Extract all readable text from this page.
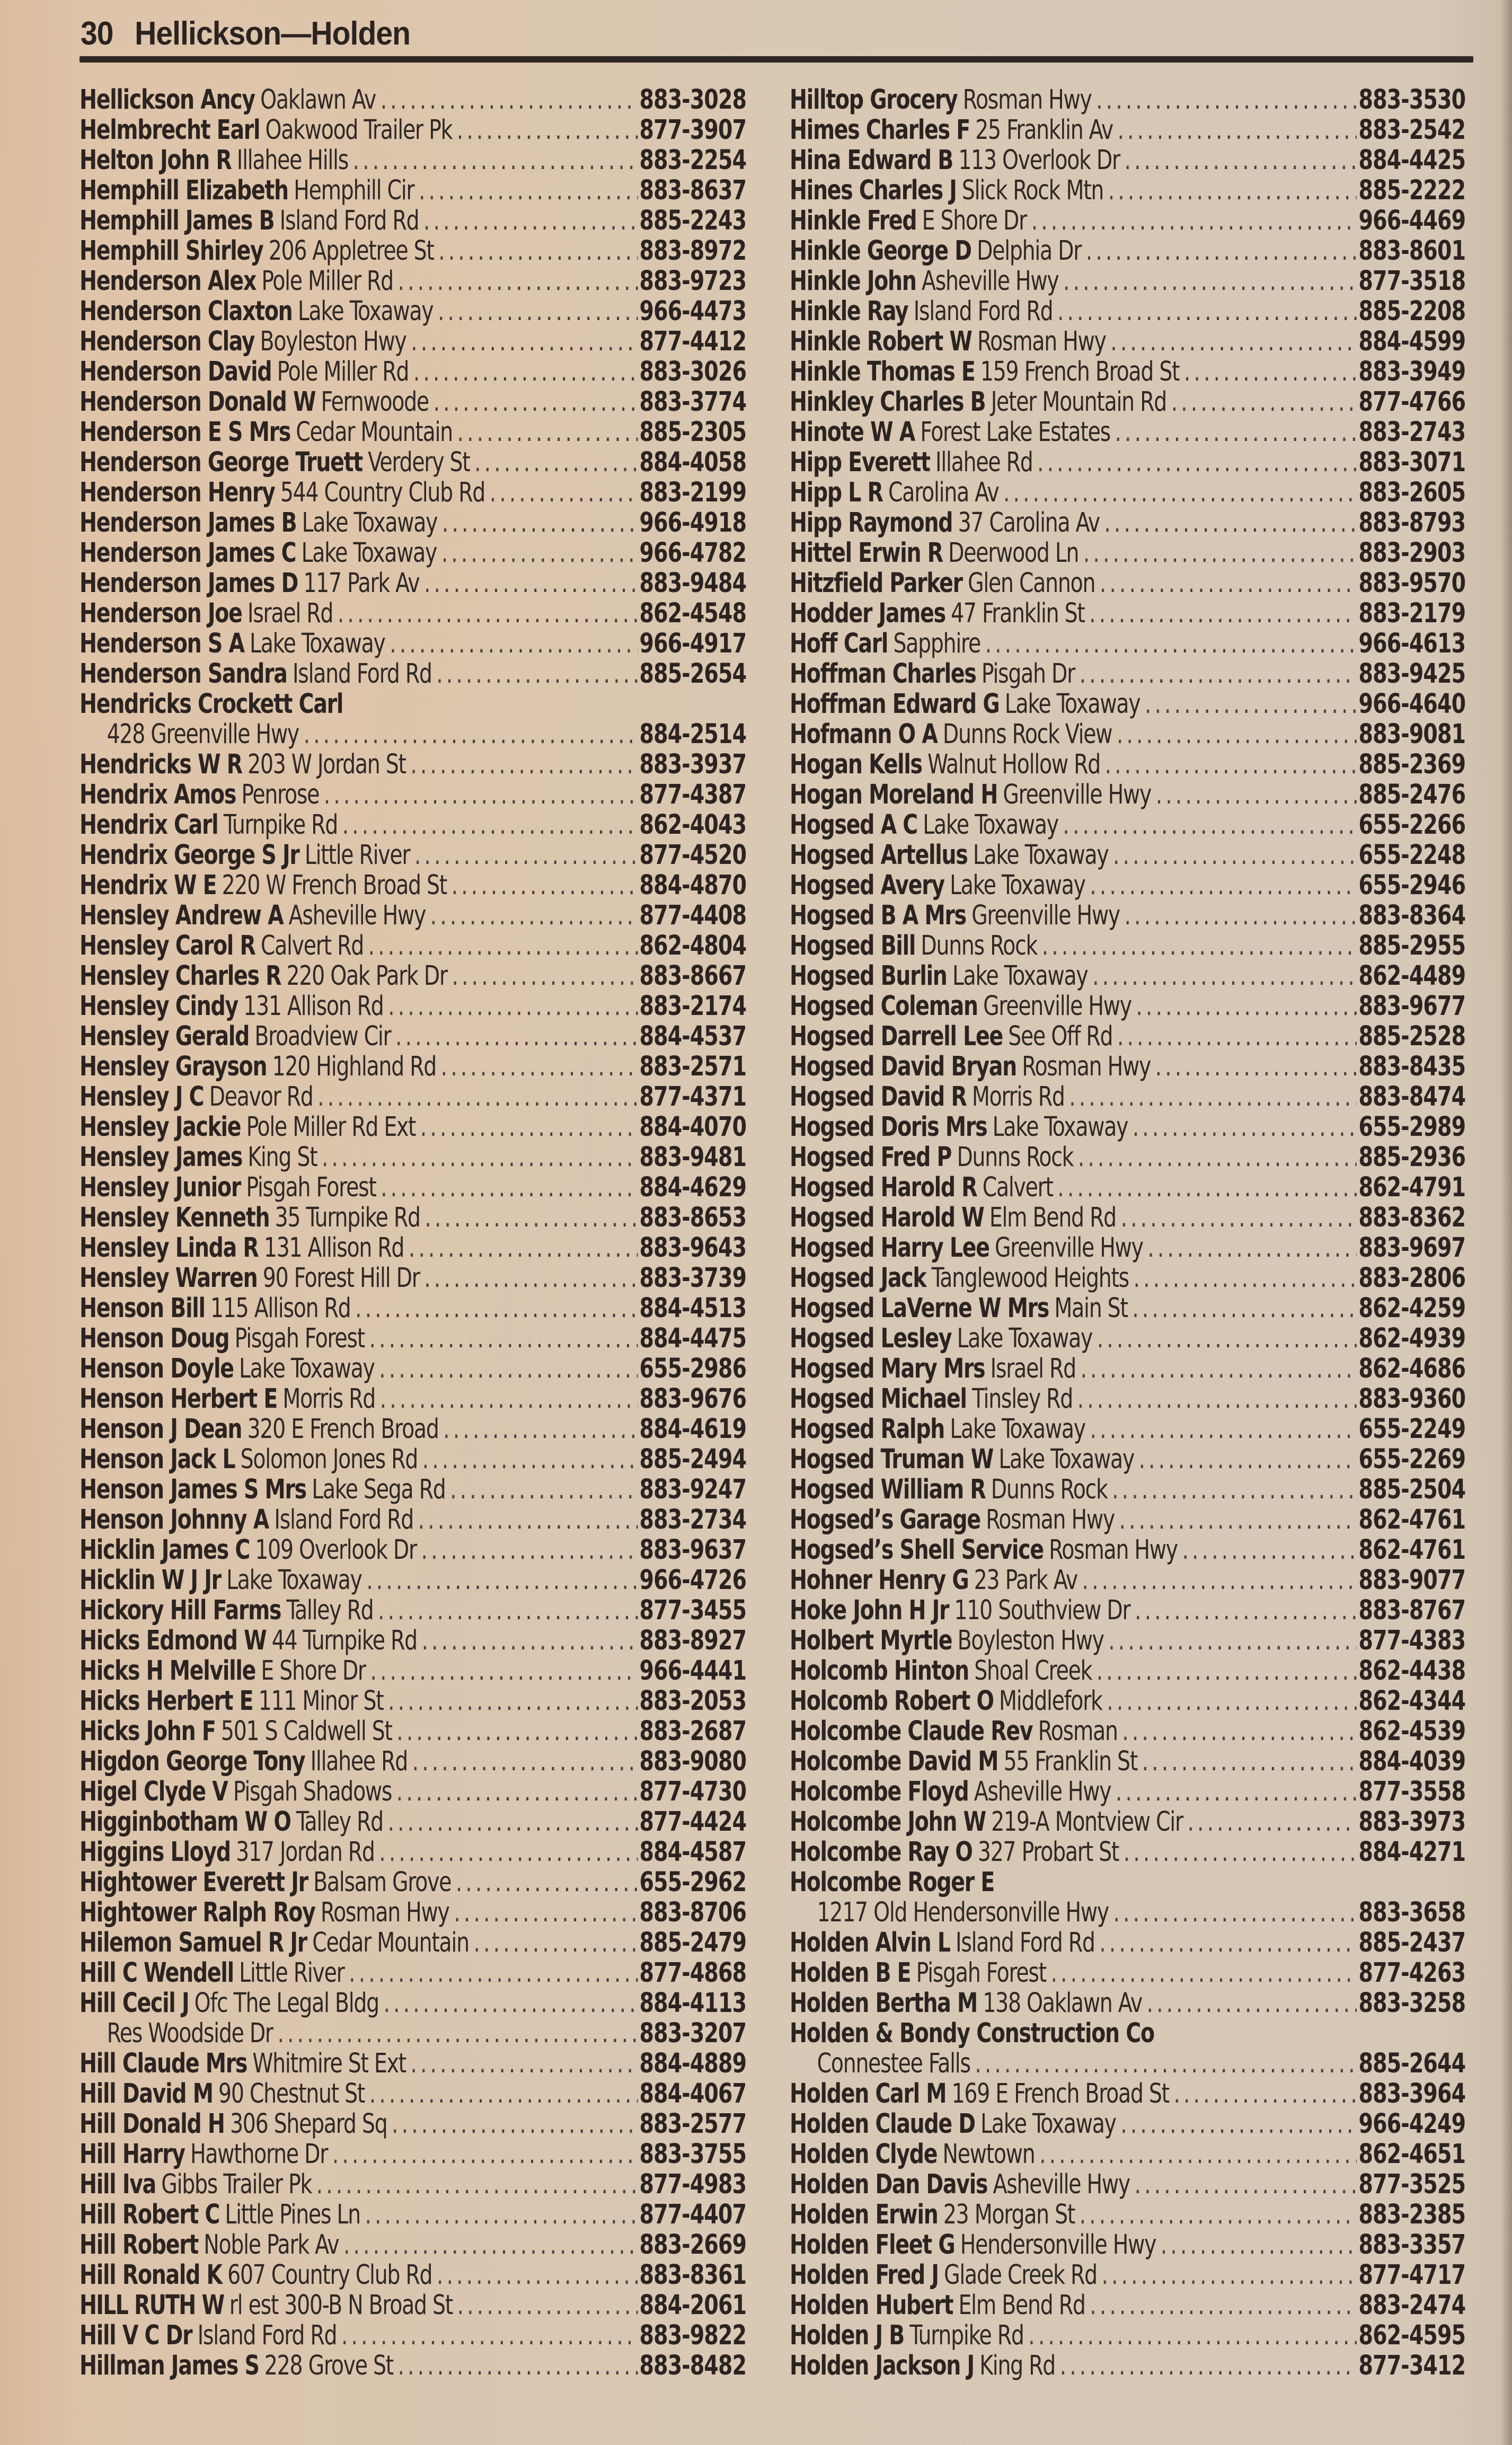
30 Hellickson—Holden
Hellickson Ancy Oaklawn Av .....	883-3028
Helmbrecht Earl Oakwood Trailer Pk .....	877-3907
Helton John R Illahee Hills .....	883-2254
Hemphill Elizabeth Hemphill Cir .....	883-8637
Hemphill James B Island Ford Rd .....	885-2243
Hemphill Shirley 206 Appletree St .....	883-8972
Henderson Alex Pole Miller Rd .....	883-9723
Henderson Claxton Lake Toxaway .....	966-4473
Henderson Clay Boyleston Hwy .....	877-4412
Henderson David Pole Miller Rd .....	883-3026
Henderson Donald W Fernwoode .....	883-3774
Henderson E S Mrs Cedar Mountain .....	885-2305
Henderson George Truett Verdery St .....	884-4058
Henderson Henry 544 Country Club Rd .....	883-2199
Henderson James B Lake Toxaway .....	966-4918
Henderson James C Lake Toxaway .....	966-4782
Henderson James D 117 Park Av .....	883-9484
Henderson Joe Israel Rd .....	862-4548
Henderson S A Lake Toxaway .....	966-4917
Henderson Sandra Island Ford Rd .....	885-2654
Hendricks Crockett Carl
428 Greenville Hwy .....	884-2514
Hendricks W R 203 W Jordan St .....	883-3937
Hendrix Amos Penrose .....	877-4387
Hendrix Carl Turnpike Rd .....	862-4043
Hendrix George S Jr Little River .....	877-4520
Hendrix W E 220 W French Broad St .....	884-4870
Hensley Andrew A Asheville Hwy .....	877-4408
Hensley Carol R Calvert Rd .....	862-4804
Hensley Charles R 220 Oak Park Dr .....	883-8667
Hensley Cindy 131 Allison Rd .....	883-2174
Hensley Gerald Broadview Cir .....	884-4537
Hensley Grayson 120 Highland Rd .....	883-2571
Hensley J C Deavor Rd .....	877-4371
Hensley Jackie Pole Miller Rd Ext .....	884-4070
Hensley James King St .....	883-9481
Hensley Junior Pisgah Forest .....	884-4629
Hensley Kenneth 35 Turnpike Rd .....	883-8653
Hensley Linda R 131 Allison Rd .....	883-9643
Hensley Warren 90 Forest Hill Dr .....	883-3739
Henson Bill 115 Allison Rd .....	884-4513
Henson Doug Pisgah Forest .....	884-4475
Henson Doyle Lake Toxaway .....	655-2986
Henson Herbert E Morris Rd .....	883-9676
Henson J Dean 320 E French Broad .....	884-4619
Henson Jack L Solomon Jones Rd .....	885-2494
Henson James S Mrs Lake Sega Rd .....	883-9247
Henson Johnny A Island Ford Rd .....	883-2734
Hicklin James C 109 Overlook Dr .....	883-9637
Hicklin W J Jr Lake Toxaway .....	966-4726
Hickory Hill Farms Talley Rd .....	877-3455
Hicks Edmond W 44 Turnpike Rd .....	883-8927
Hicks H Melville E Shore Dr .....	966-4441
Hicks Herbert E 111 Minor St .....	883-2053
Hicks John F 501 S Caldwell St .....	883-2687
Higdon George Tony Illahee Rd .....	883-9080
Higel Clyde V Pisgah Shadows .....	877-4730
Higginbotham W O Talley Rd .....	877-4424
Higgins Lloyd 317 Jordan Rd .....	884-4587
Hightower Everett Jr Balsam Grove .....	655-2962
Hightower Ralph Roy Rosman Hwy .....	883-8706
Hilemon Samuel R Jr Cedar Mountain .....	885-2479
Hill C Wendell Little River .....	877-4868
Hill Cecil J Ofc The Legal Bldg .....	884-4113
Res Woodside Dr .....	883-3207
Hill Claude Mrs Whitmire St Ext .....	884-4889
Hill David M 90 Chestnut St .....	884-4067
Hill Donald H 306 Shepard Sq .....	883-2577
Hill Harry Hawthorne Dr .....	883-3755
Hill Iva Gibbs Trailer Pk .....	877-4983
Hill Robert C Little Pines Ln .....	877-4407
Hill Robert Noble Park Av .....	883-2669
Hill Ronald K 607 Country Club Rd .....	883-8361
HILL RUTH W rl est 300-B N Broad St .....	884-2061
Hill V C Dr Island Ford Rd .....	883-9822
Hillman James S 228 Grove St .....	883-8482
Hilltop Grocery Rosman Hwy .....	883-3530
Himes Charles F 25 Franklin Av .....	883-2542
Hina Edward B 113 Overlook Dr .....	884-4425
Hines Charles J Slick Rock Mtn .....	885-2222
Hinkle Fred E Shore Dr .....	966-4469
Hinkle George D Delphia Dr .....	883-8601
Hinkle John Asheville Hwy .....	877-3518
Hinkle Ray Island Ford Rd .....	885-2208
Hinkle Robert W Rosman Hwy .....	884-4599
Hinkle Thomas E 159 French Broad St .....	883-3949
Hinkley Charles B Jeter Mountain Rd .....	877-4766
Hinote W A Forest Lake Estates .....	883-2743
Hipp Everett Illahee Rd .....	883-3071
Hipp L R Carolina Av .....	883-2605
Hipp Raymond 37 Carolina Av .....	883-8793
Hittel Erwin R Deerwood Ln .....	883-2903
Hitzfield Parker Glen Cannon .....	883-9570
Hodder James 47 Franklin St .....	883-2179
Hoff Carl Sapphire .....	966-4613
Hoffman Charles Pisgah Dr .....	883-9425
Hoffman Edward G Lake Toxaway .....	966-4640
Hofmann O A Dunns Rock View .....	883-9081
Hogan Kells Walnut Hollow Rd .....	885-2369
Hogan Moreland H Greenville Hwy .....	885-2476
Hogsed A C Lake Toxaway .....	655-2266
Hogsed Artellus Lake Toxaway .....	655-2248
Hogsed Avery Lake Toxaway .....	655-2946
Hogsed B A Mrs Greenville Hwy .....	883-8364
Hogsed Bill Dunns Rock .....	885-2955
Hogsed Burlin Lake Toxaway .....	862-4489
Hogsed Coleman Greenville Hwy .....	883-9677
Hogsed Darrell Lee See Off Rd .....	885-2528
Hogsed David Bryan Rosman Hwy .....	883-8435
Hogsed David R Morris Rd .....	883-8474
Hogsed Doris Mrs Lake Toxaway .....	655-2989
Hogsed Fred P Dunns Rock .....	885-2936
Hogsed Harold R Calvert .....	862-4791
Hogsed Harold W Elm Bend Rd .....	883-8362
Hogsed Harry Lee Greenville Hwy .....	883-9697
Hogsed Jack Tanglewood Heights .....	883-2806
Hogsed LaVerne W Mrs Main St .....	862-4259
Hogsed Lesley Lake Toxaway .....	862-4939
Hogsed Mary Mrs Israel Rd .....	862-4686
Hogsed Michael Tinsley Rd .....	883-9360
Hogsed Ralph Lake Toxaway .....	655-2249
Hogsed Truman W Lake Toxaway .....	655-2269
Hogsed William R Dunns Rock .....	885-2504
Hogsed’s Garage Rosman Hwy .....	862-4761
Hogsed’s Shell Service Rosman Hwy .....	862-4761
Hohner Henry G 23 Park Av .....	883-9077
Hoke John H Jr 110 Southview Dr .....	883-8767
Holbert Myrtle Boyleston Hwy .....	877-4383
Holcomb Hinton Shoal Creek .....	862-4438
Holcomb Robert O Middlefork .....	862-4344
Holcombe Claude Rev Rosman .....	862-4539
Holcombe David M 55 Franklin St .....	884-4039
Holcombe Floyd Asheville Hwy .....	877-3558
Holcombe John W 219-A Montview Cir .....	883-3973
Holcombe Ray O 327 Probart St .....	884-4271
Holcombe Roger E
1217 Old Hendersonville Hwy .....	883-3658
Holden Alvin L Island Ford Rd .....	885-2437
Holden B E Pisgah Forest .....	877-4263
Holden Bertha M 138 Oaklawn Av .....	883-3258
Holden & Bondy Construction Co
Connestee Falls .....	885-2644
Holden Carl M 169 E French Broad St .....	883-3964
Holden Claude D Lake Toxaway .....	966-4249
Holden Clyde Newtown .....	862-4651
Holden Dan Davis Asheville Hwy .....	877-3525
Holden Erwin 23 Morgan St .....	883-2385
Holden Fleet G Hendersonville Hwy .....	883-3357
Holden Fred J Glade Creek Rd .....	877-4717
Holden Hubert Elm Bend Rd .....	883-2474
Holden J B Turnpike Rd .....	862-4595
Holden Jackson J King Rd .....	877-3412
